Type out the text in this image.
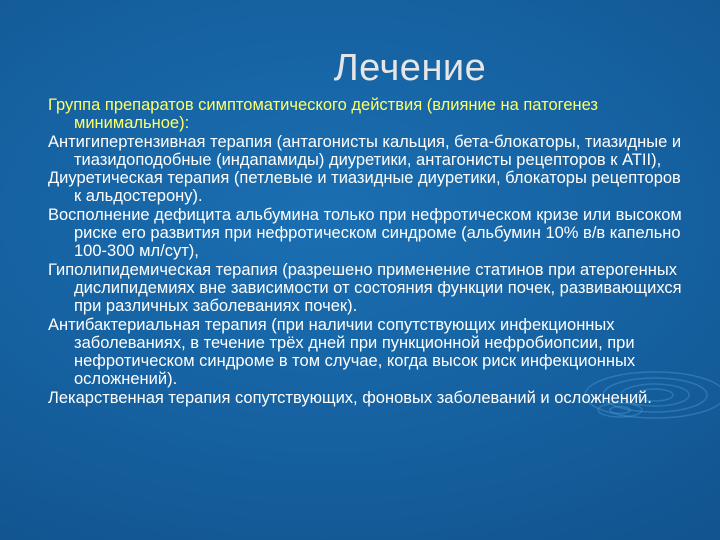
Лечение

Группа препаратов симптоматического действия (влияние на патогенез минимальное):

Антигипертензивная терапия (антагонисты кальция, бета-блокаторы, тиазидные и тиазидоподобные (индапамиды) диуретики, антагонисты рецепторов к ATII),

Диуретическая терапия (петлевые и тиазидные диуретики, блокаторы рецепторов к альдостерону).

Восполнение дефицита альбумина только при нефротическом кризе или высоком риске его развития при нефротическом синдроме (альбумин 10% в/в капельно 100-300 мл/сут),

Гиполипидемическая терапия (разрешено применение статинов при атерогенных дислипидемиях вне зависимости от состояния функции почек, развивающихся при различных заболеваниях почек).

Антибактериальная терапия (при наличии сопутствующих инфекционных заболеваниях, в течение трёх дней при пункционной нефробиопсии, при нефротическом синдроме в том случае, когда высок риск инфекционных осложнений).

Лекарственная терапия сопутствующих, фоновых заболеваний и осложнений.
